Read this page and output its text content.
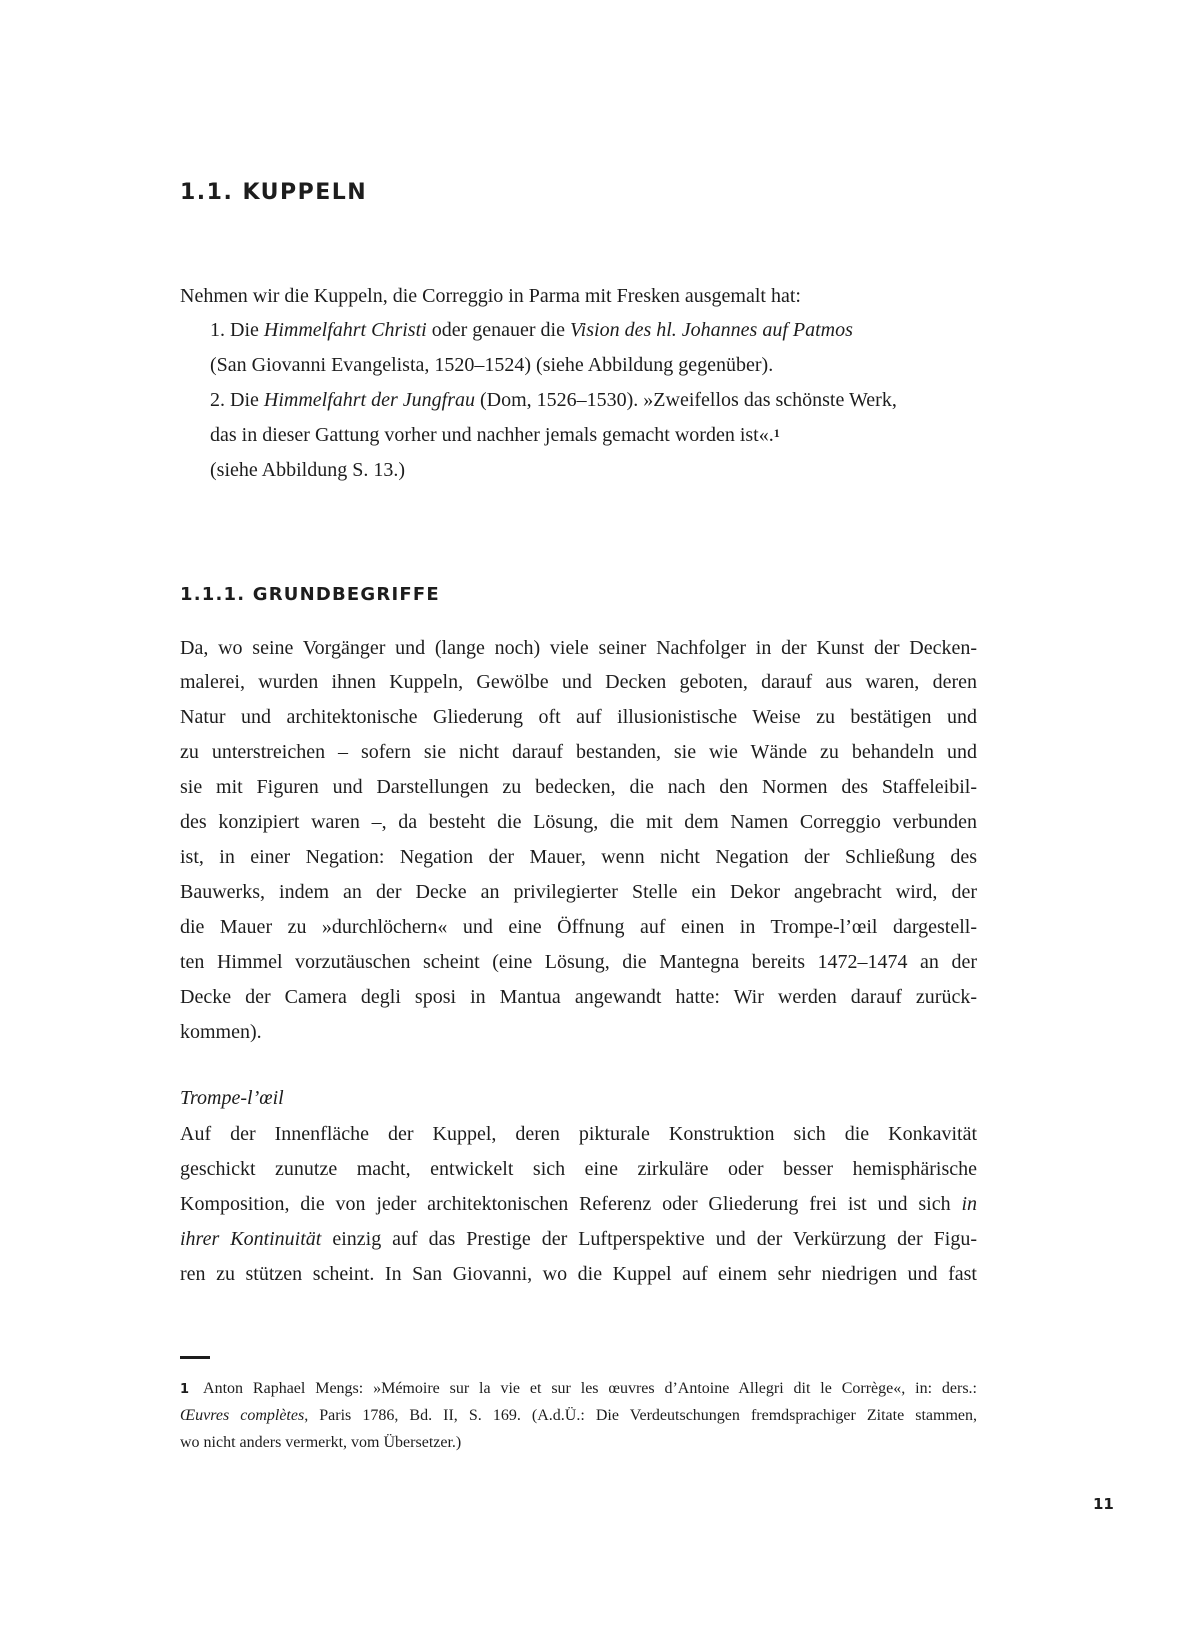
1.1. KUPPELN
Nehmen wir die Kuppeln, die Correggio in Parma mit Fresken ausgemalt hat:
1. Die Himmelfahrt Christi oder genauer die Vision des hl. Johannes auf Patmos
(San Giovanni Evangelista, 1520–1524) (siehe Abbildung gegenüber).
2. Die Himmelfahrt der Jungfrau (Dom, 1526–1530). »Zweifellos das schönste Werk,
das in dieser Gattung vorher und nachher jemals gemacht worden ist«.$^1$
(siehe Abbildung S. 13.)
1.1.1. GRUNDBEGRIFFE
Da, wo seine Vorgänger und (lange noch) viele seiner Nachfolger in der Kunst der Decken-
malerei, wurden ihnen Kuppeln, Gewölbe und Decken geboten, darauf aus waren, deren
Natur und architektonische Gliederung oft auf illusionistische Weise zu bestätigen und
zu unterstreichen – sofern sie nicht darauf bestanden, sie wie Wände zu behandeln und
sie mit Figuren und Darstellungen zu bedecken, die nach den Normen des Staffeleibil-
des konzipiert waren –, da besteht die Lösung, die mit dem Namen Correggio verbunden
ist, in einer Negation: Negation der Mauer, wenn nicht Negation der Schließung des
Bauwerks, indem an der Decke an privilegierter Stelle ein Dekor angebracht wird, der
die Mauer zu »durchlöchern« und eine Öffnung auf einen in Trompe-l’œil dargestell-
ten Himmel vorzutäuschen scheint (eine Lösung, die Mantegna bereits 1472–1474 an der
Decke der Camera degli sposi in Mantua angewandt hatte: Wir werden darauf zurück-
kommen).
Trompe-l’œil
Auf der Innenfläche der Kuppel, deren pikturale Konstruktion sich die Konkavität
geschickt zunutze macht, entwickelt sich eine zirkuläre oder besser hemisphärische
Komposition, die von jeder architektonischen Referenz oder Gliederung frei ist und sich in
ihrer Kontinuität einzig auf das Prestige der Luftperspektive und der Verkürzung der Figu-
ren zu stützen scheint. In San Giovanni, wo die Kuppel auf einem sehr niedrigen und fast
1 Anton Raphael Mengs: »Mémoire sur la vie et sur les œuvres d’Antoine Allegri dit le Corrège«, in: ders.:
Œuvres complètes, Paris 1786, Bd. II, S. 169. (A.d.Ü.: Die Verdeutschungen fremdsprachiger Zitate stammen,
wo nicht anders vermerkt, vom Übersetzer.)
11
